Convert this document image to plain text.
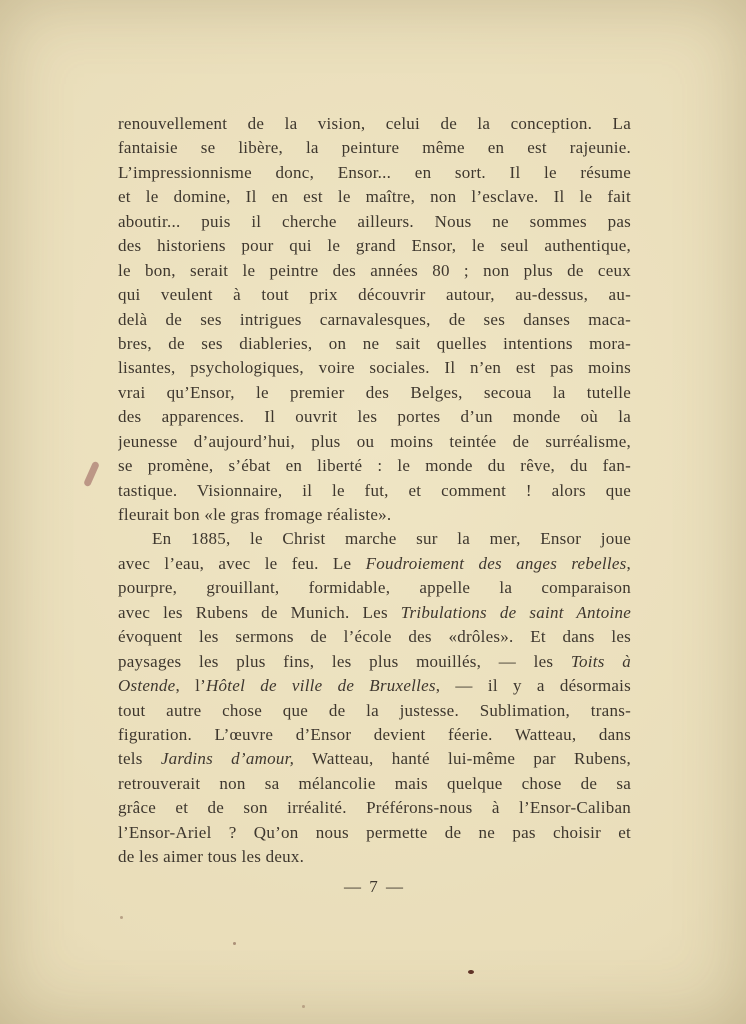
renouvellement de la vision, celui de la conception. La
fantaisie se libère, la peinture même en est rajeunie.
L’impressionnisme donc, Ensor... en sort. Il le résume
et le domine, Il en est le maître, non l’esclave. Il le fait
aboutir... puis il cherche ailleurs. Nous ne sommes pas
des historiens pour qui le grand Ensor, le seul authentique,
le bon, serait le peintre des années 80 ; non plus de ceux
qui veulent à tout prix découvrir autour, au-dessus, au-
delà de ses intrigues carnavalesques, de ses danses maca-
bres, de ses diableries, on ne sait quelles intentions mora-
lisantes, psychologiques, voire sociales. Il n’en est pas moins
vrai qu’Ensor, le premier des Belges, secoua la tutelle
des apparences. Il ouvrit les portes d’un monde où la
jeunesse d’aujourd’hui, plus ou moins teintée de surréalisme,
se promène, s’ébat en liberté : le monde du rêve, du fan-
tastique. Visionnaire, il le fut, et comment ! alors que
fleurait bon «le gras fromage réaliste».
En 1885, le Christ marche sur la mer, Ensor joue
avec l’eau, avec le feu. Le Foudroiement des anges rebelles,
pourpre, grouillant, formidable, appelle la comparaison
avec les Rubens de Munich. Les Tribulations de saint Antoine
évoquent les sermons de l’école des «drôles». Et dans les
paysages les plus fins, les plus mouillés, — les Toits à
Ostende, l’Hôtel de ville de Bruxelles, — il y a désormais
tout autre chose que de la justesse. Sublimation, trans-
figuration. L’œuvre d’Ensor devient féerie. Watteau, dans
tels Jardins d’amour, Watteau, hanté lui-même par Rubens,
retrouverait non sa mélancolie mais quelque chose de sa
grâce et de son irréalité. Préférons-nous à l’Ensor-Caliban
l’Ensor-Ariel ? Qu’on nous permette de ne pas choisir et
de les aimer tous les deux.
— 7 —
